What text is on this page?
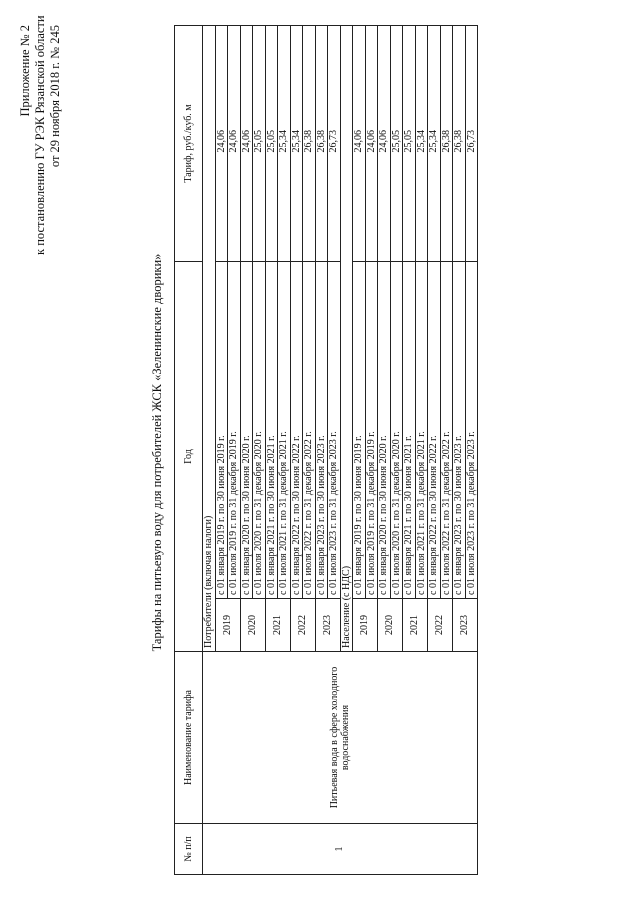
Приложение № 2 к постановлению ГУ РЭК Рязанской области от 29 ноября 2018 г. № 245
Тарифы на питьевую воду для потребителей ЖСК «Зеленинские дворики»
№ п/п	Наименование тарифа	Год		Тариф, руб./куб. м
1	Питьевая вода в сфере холодного водоснабжения	Потребители (включая налоги)		
		2019	с 01 января 2019 г. по 30 июня 2019 г.	24,06
			с 01 июля 2019 г. по 31 декабря 2019 г.	24,06
		2020	с 01 января 2020 г. по 30 июня 2020 г.	24,06
			с 01 июля 2020 г. по 31 декабря 2020 г.	25,05
		2021	с 01 января 2021 г. по 30 июня 2021 г.	25,05
			с 01 июля 2021 г. по 31 декабря 2021 г.	25,34
		2022	с 01 января 2022 г. по 30 июня 2022 г.	25,34
			с 01 июля 2022 г. по 31 декабря 2022 г.	26,38
		2023	с 01 января 2023 г. по 30 июня 2023 г.	26,38
			с 01 июля 2023 г. по 31 декабря 2023 г.	26,73
		Население (с НДС)		
		2019	с 01 января 2019 г. по 30 июня 2019 г.	24,06
			с 01 июля 2019 г. по 31 декабря 2019 г.	24,06
		2020	с 01 января 2020 г. по 30 июня 2020 г.	24,06
			с 01 июля 2020 г. по 31 декабря 2020 г.	25,05
		2021	с 01 января 2021 г. по 30 июня 2021 г.	25,05
			с 01 июля 2021 г. по 31 декабря 2021 г.	25,34
		2022	с 01 января 2022 г. по 30 июня 2022 г.	25,34
			с 01 июля 2022 г. по 31 декабря 2022 г.	26,38
		2023	с 01 января 2023 г. по 30 июня 2023 г.	26,38
			с 01 июля 2023 г. по 31 декабря 2023 г.	26,73
